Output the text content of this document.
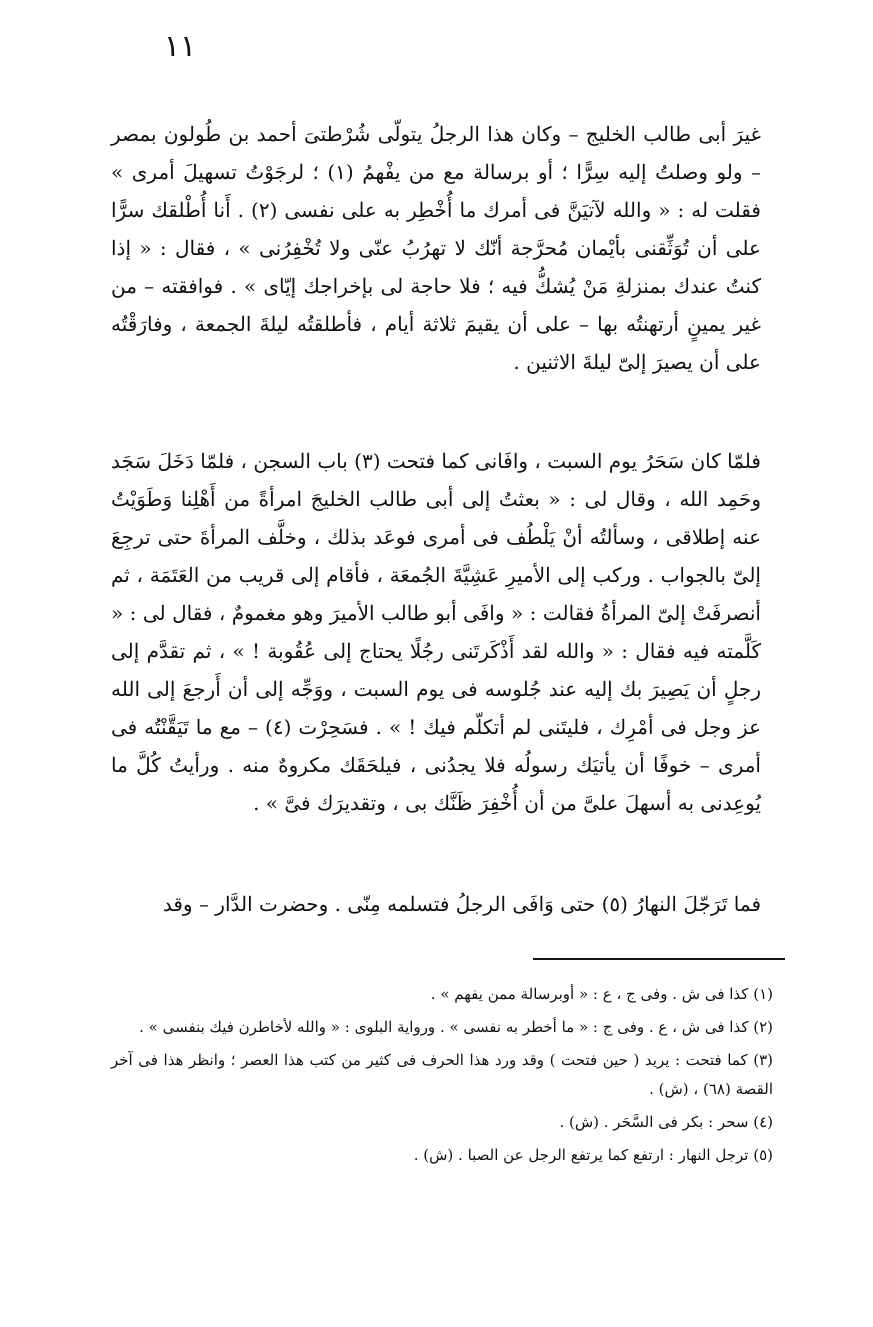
١١

غيرَ أبى طالب الخليج – وكان هذا الرجلُ يتولّى شُرْطتىَ أحمد بن طُولون بمصر – ولو وصلتُ إليه سِرًّا ؛ أو برسالة مع من يفْهمُ (١) ؛ لرجَوْتُ تسهيلَ أمرى » فقلت له : « والله لآتيَنَّ فى أمرك ما أُخْطِر به على نفسى (٢) . أَنا أُطْلقك سرًّا على أن تُوَثِّقنى بأيْمان مُحرَّجة أنّك لا تهرُبُ عنّى ولا تُخْفِرُنى » ، فقال : « إذا كنتُ عندك بمنزلةِ مَنْ يُشكُّ فيه ؛ فلا حاجة لى بإخراجك إيّاى » . فوافقته – من غير يمينٍ أرتهنتُه بها – على أن يقيمَ ثلاثة أيام ، فأطلقتُه ليلةَ الجمعة ، وفارَقْتُه على أن يصيرَ إلىّ ليلةَ الاثنين .

فلمّا كان سَحَرُ يوم السبت ، وافَانى كما فتحت (٣) باب السجن ، فلمّا دَخَلَ سَجَد وحَمِد الله ، وقال لى : « بعثتُ إلى أبى طالب الخليجَ امرأةً من أَهْلِنا وَطَوَيْتُ عنه إطلاقى ، وسألتُه أنْ يَلْطُف فى أمرى فوعَد بذلك ، وخلَّف المرأةَ حتى ترجِعَ إلىّ بالجواب . وركب إلى الأميرِ عَشِيَّةَ الجُمعَة ، فأقام إلى قريب من العَتَمَة ، ثم أنصرفَتْ إلىّ المرأةُ فقالت : « وافَى أبو طالب الأميرَ وهو مغمومٌ ، فقال لى : « كَلَّمته فيه فقال : « والله لقد أَذْكَرتَنى رجُلًا يحتاج إلى عُقُوبة ! » ، ثم تقدَّم إلى رجلٍ أن يَصِيرَ بك إليه عند جُلوسه فى يوم السبت ، ووَجِّه إلى أن أَرجعَ إلى الله عز وجل فى أمْرِك ، فليتَنى لم أتكلّم فيك ! » . فسَحِرْت (٤) – مع ما تَيَقَّنْتُه فى أمرى – خوفًا أن يأتيَك رسولُه فلا يجدُنى ، فيلحَقَك مكروهٌ منه . ورأيتُ كُلَّ ما يُوعِدنى به أسهلَ علىَّ من أن أُخْفِرَ ظَنَّك بى ، وتقديرَك فىَّ » .

فما تَرَجّلَ النهارُ (٥) حتى وَافَى الرجلُ فتسلمه مِنّى . وحضرت الدَّار – وقد

(١) كذا فى ش . وفى ج ، ع : « أوبرسالة ممن يفهم » .
(٢) كذا فى ش ، ع . وفى ج : « ما أخطر به نفسى » . ورواية البلوى : « والله لأخاطرن فيك بنفسى » .
(٣) كما فتحت : يريد ( حين فتحت ) وقد ورد هذا الحرف فى كثير من كتب هذا العصر ؛ وانظر هذا فى آخر القصة (٦٨) ، (ش) .
(٤) سحر : بكر فى السَّحَر . (ش) .
(٥) ترجل النهار : ارتفع كما يرتفع الرجل عن الصبا . (ش) .
